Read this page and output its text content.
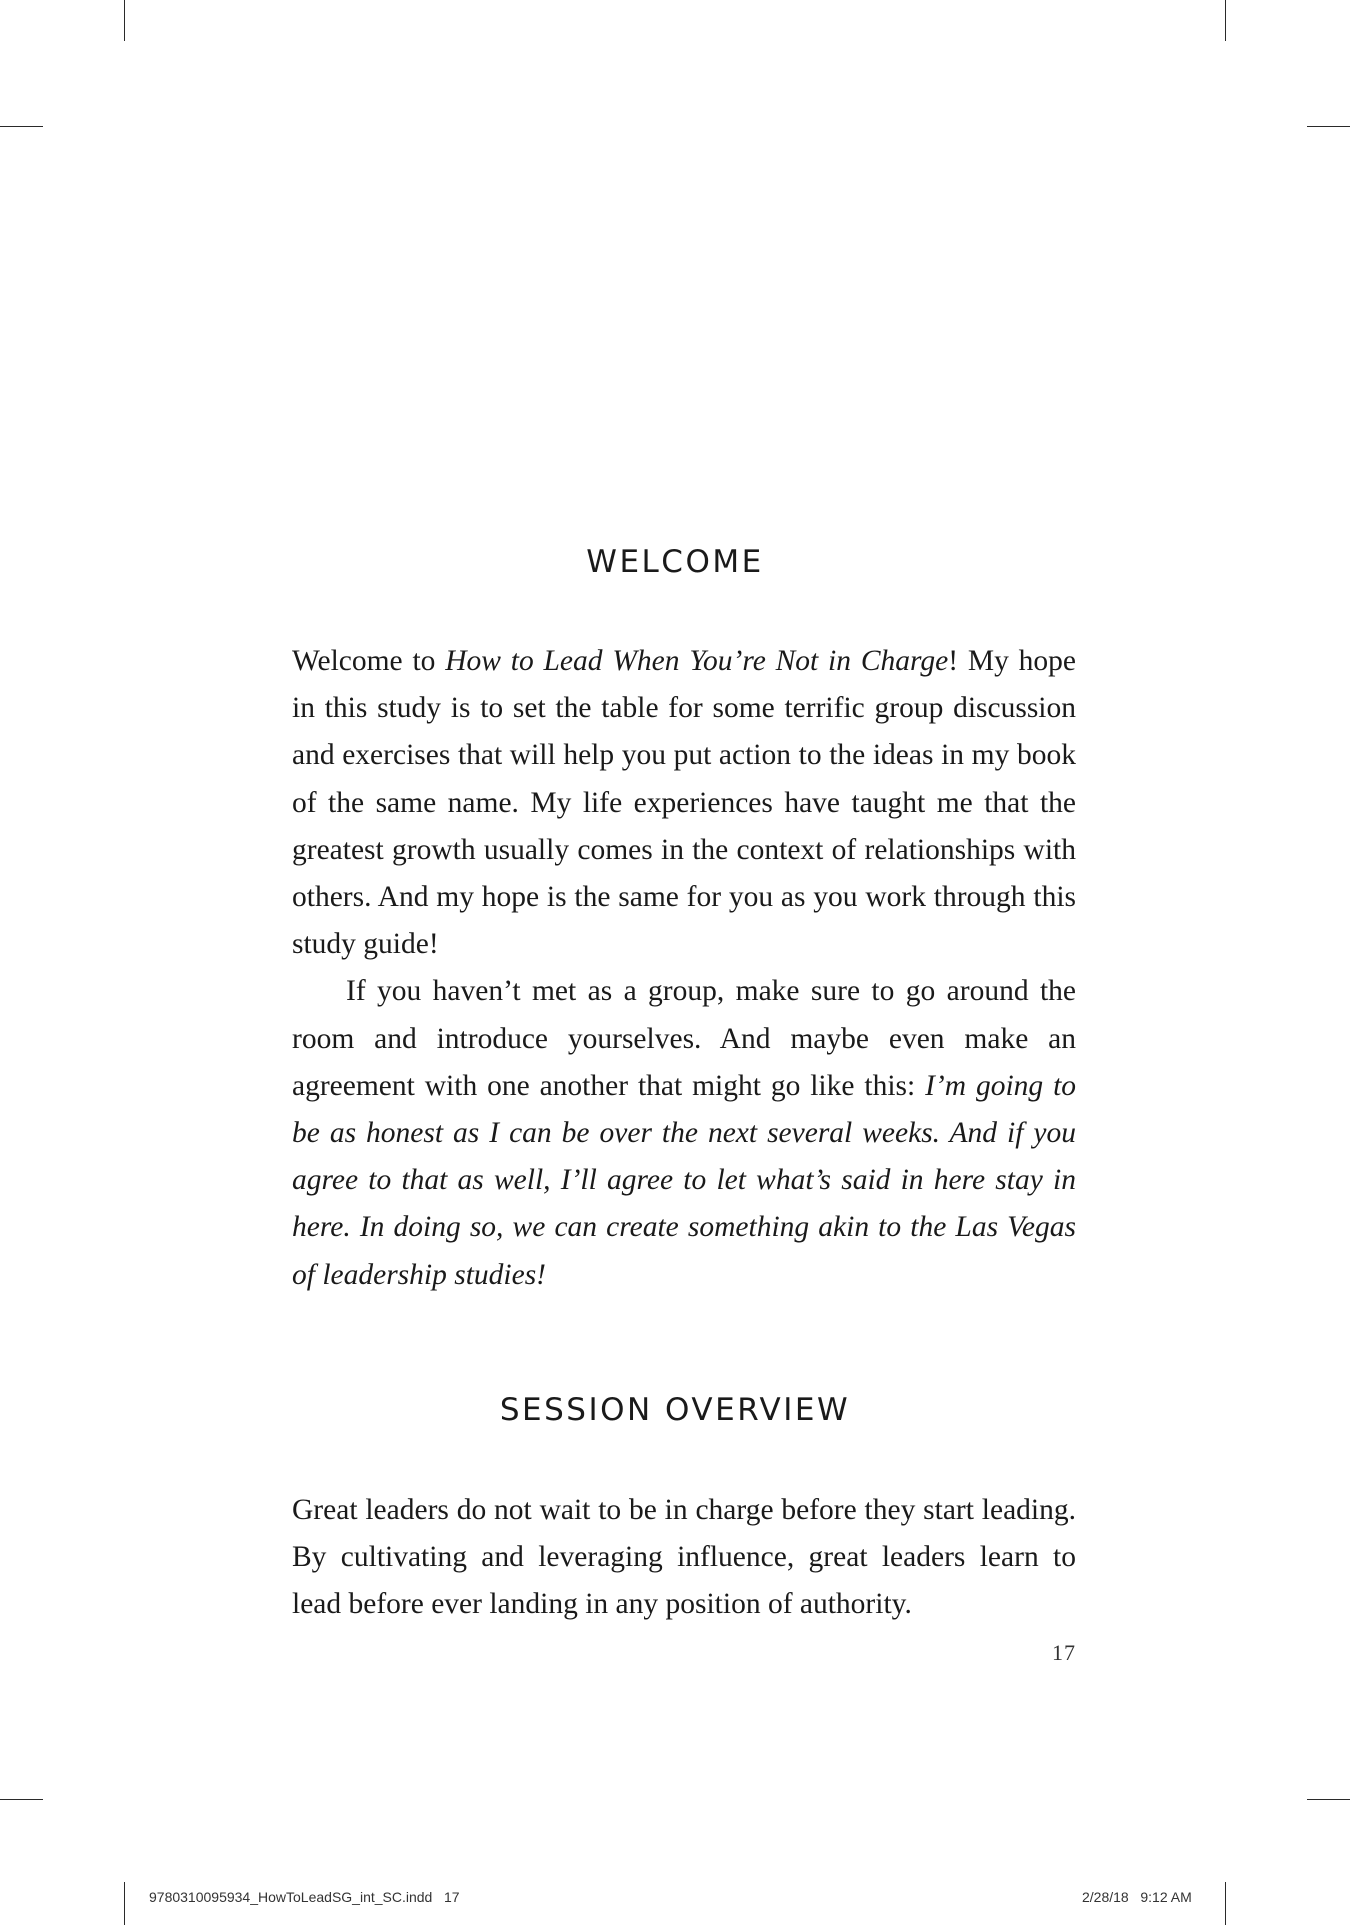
WELCOME

Welcome to How to Lead When You’re Not in Charge! My hope in this study is to set the table for some terrific group discussion and exercises that will help you put action to the ideas in my book of the same name. My life experiences have taught me that the greatest growth usually comes in the context of relationships with others. And my hope is the same for you as you work through this study guide!

If you haven’t met as a group, make sure to go around the room and introduce yourselves. And maybe even make an agreement with one another that might go like this: I’m going to be as honest as I can be over the next several weeks. And if you agree to that as well, I’ll agree to let what’s said in here stay in here. In doing so, we can create something akin to the Las Vegas of leadership studies!

SESSION OVERVIEW

Great leaders do not wait to be in charge before they start leading. By cultivating and leveraging influence, great leaders learn to lead before ever landing in any position of authority.

17
9780310095934_HowToLeadSG_int_SC.indd   17	2/28/18   9:12 AM
